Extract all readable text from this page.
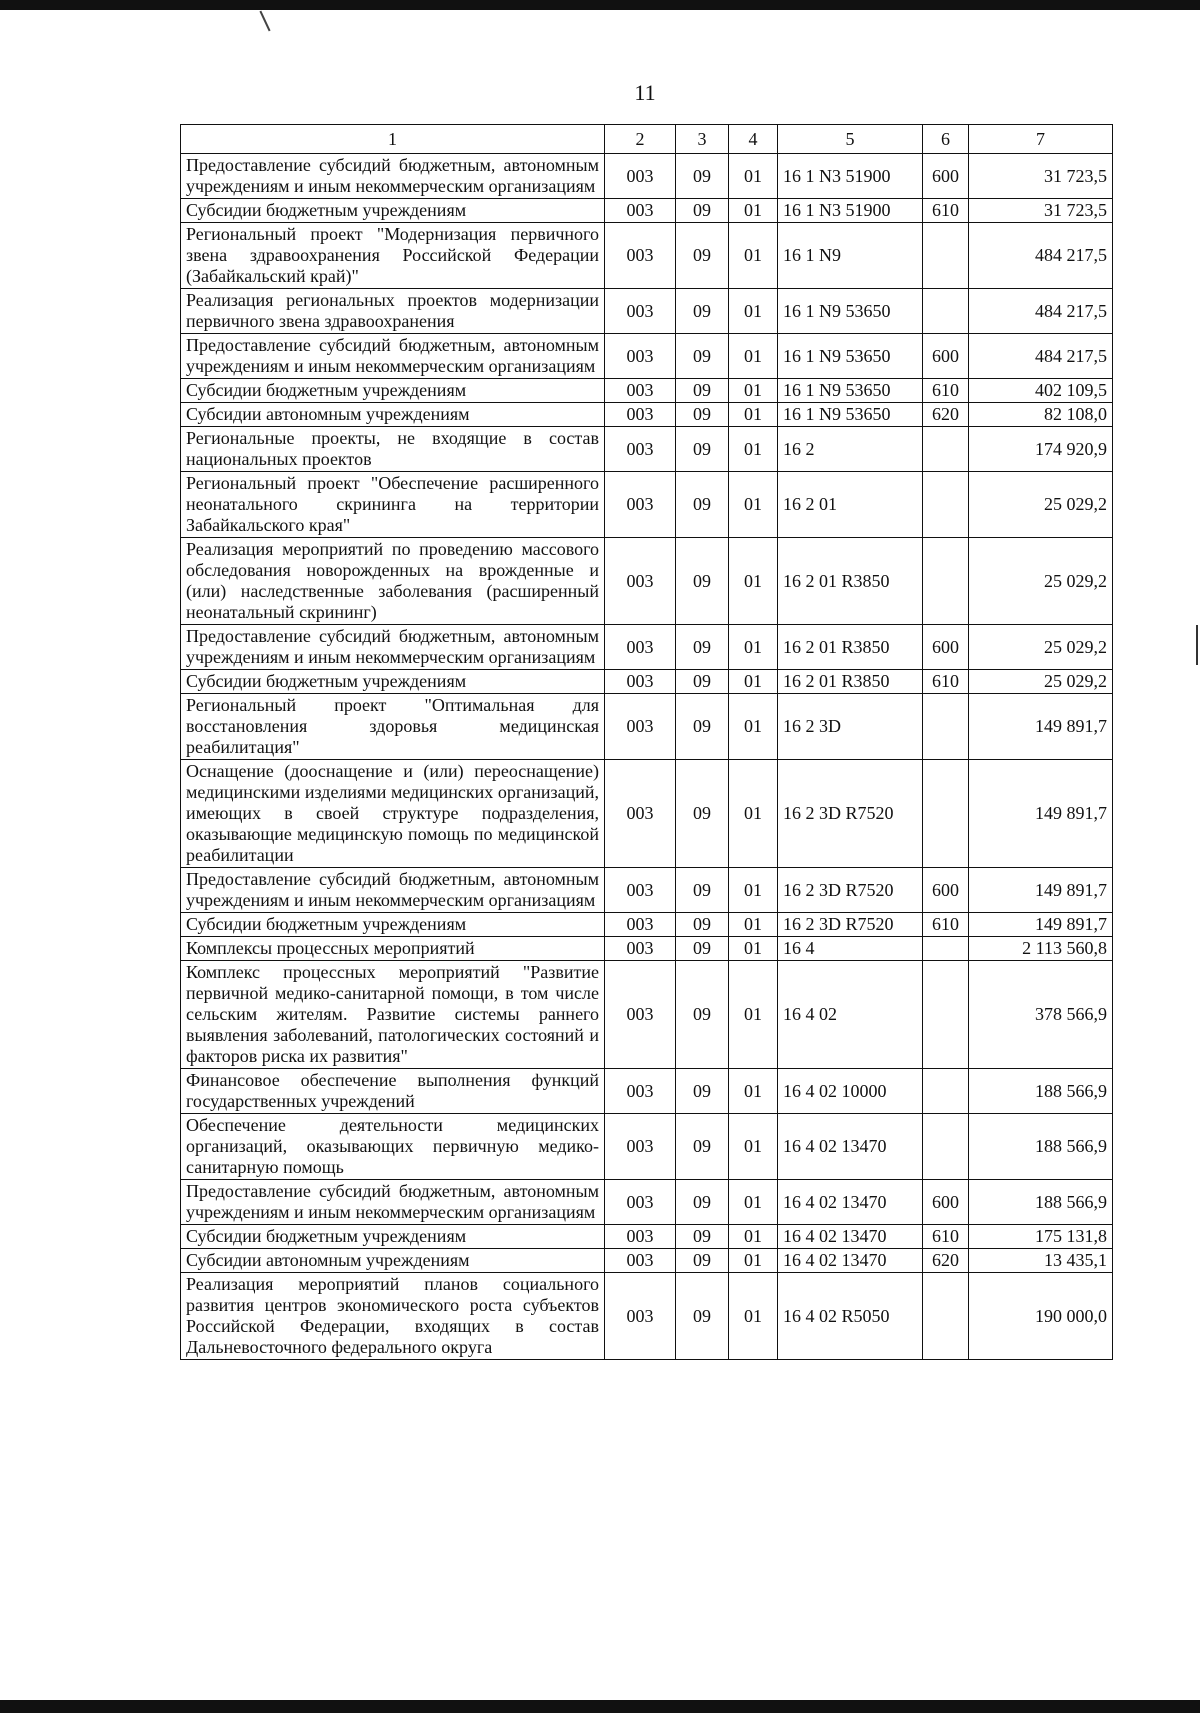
11
1	2	3	4	5	6	7
Предоставление субсидий бюджетным, автономным учреждениям и иным некоммерческим организациям	003	09	01	16 1 N3 51900	600	31 723,5
Субсидии бюджетным учреждениям	003	09	01	16 1 N3 51900	610	31 723,5
Региональный проект "Модернизация первичного звена здравоохранения Российской Федерации (Забайкальский край)"	003	09	01	16 1 N9		484 217,5
Реализация региональных проектов модернизации первичного звена здравоохранения	003	09	01	16 1 N9 53650		484 217,5
Предоставление субсидий бюджетным, автономным учреждениям и иным некоммерческим организациям	003	09	01	16 1 N9 53650	600	484 217,5
Субсидии бюджетным учреждениям	003	09	01	16 1 N9 53650	610	402 109,5
Субсидии автономным учреждениям	003	09	01	16 1 N9 53650	620	82 108,0
Региональные проекты, не входящие в состав национальных проектов	003	09	01	16 2		174 920,9
Региональный проект "Обеспечение расширенного неонатального скрининга на территории Забайкальского края"	003	09	01	16 2 01		25 029,2
Реализация мероприятий по проведению массового обследования новорожденных на врожденные и (или) наследственные заболевания (расширенный неонатальный скрининг)	003	09	01	16 2 01 R3850		25 029,2
Предоставление субсидий бюджетным, автономным учреждениям и иным некоммерческим организациям	003	09	01	16 2 01 R3850	600	25 029,2
Субсидии бюджетным учреждениям	003	09	01	16 2 01 R3850	610	25 029,2
Региональный проект "Оптимальная для восстановления здоровья медицинская реабилитация"	003	09	01	16 2 3D		149 891,7
Оснащение (дооснащение и (или) переоснащение) медицинскими изделиями медицинских организаций, имеющих в своей структуре подразделения, оказывающие медицинскую помощь по медицинской реабилитации	003	09	01	16 2 3D R7520		149 891,7
Предоставление субсидий бюджетным, автономным учреждениям и иным некоммерческим организациям	003	09	01	16 2 3D R7520	600	149 891,7
Субсидии бюджетным учреждениям	003	09	01	16 2 3D R7520	610	149 891,7
Комплексы процессных мероприятий	003	09	01	16 4		2 113 560,8
Комплекс процессных мероприятий "Развитие первичной медико-санитарной помощи, в том числе сельским жителям. Развитие системы раннего выявления заболеваний, патологических состояний и факторов риска их развития"	003	09	01	16 4 02		378 566,9
Финансовое обеспечение выполнения функций государственных учреждений	003	09	01	16 4 02 10000		188 566,9
Обеспечение деятельности медицинских организаций, оказывающих первичную медико-санитарную помощь	003	09	01	16 4 02 13470		188 566,9
Предоставление субсидий бюджетным, автономным учреждениям и иным некоммерческим организациям	003	09	01	16 4 02 13470	600	188 566,9
Субсидии бюджетным учреждениям	003	09	01	16 4 02 13470	610	175 131,8
Субсидии автономным учреждениям	003	09	01	16 4 02 13470	620	13 435,1
Реализация мероприятий планов социального развития центров экономического роста субъектов Российской Федерации, входящих в состав Дальневосточного федерального округа	003	09	01	16 4 02 R5050		190 000,0
